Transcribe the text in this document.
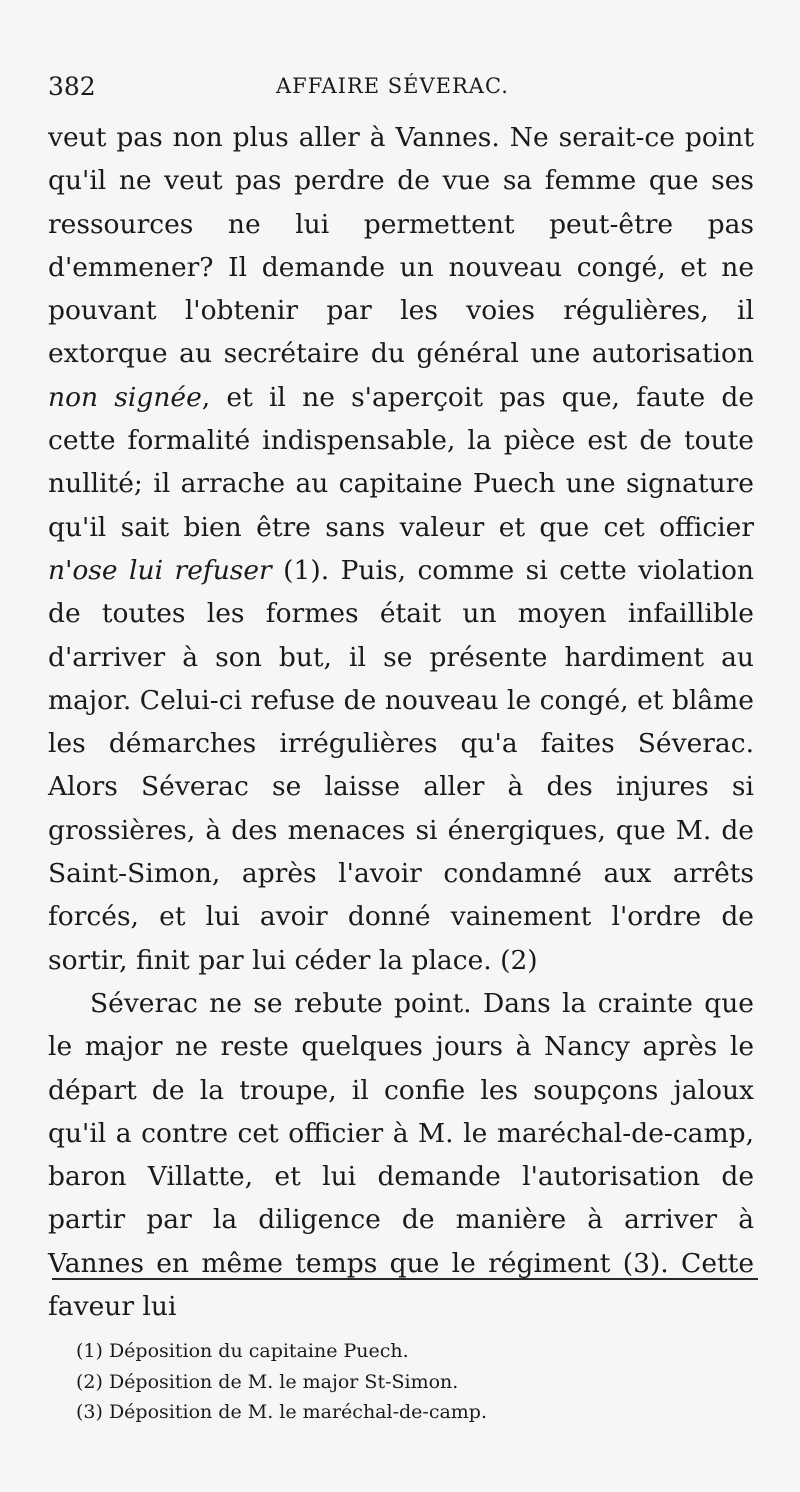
382	AFFAIRE SÉVERAC.

veut pas non plus aller à Vannes. Ne serait-ce point qu'il ne veut pas perdre de vue sa femme que ses ressources ne lui permettent peut-être pas d'emmener? Il demande un nouveau congé, et ne pouvant l'obtenir par les voies régulières, il extorque au secrétaire du général une autorisation non signée, et il ne s'aperçoit pas que, faute de cette formalité indispensable, la pièce est de toute nullité; il arrache au capitaine Puech une signature qu'il sait bien être sans valeur et que cet officier n'ose lui refuser (1). Puis, comme si cette violation de toutes les formes était un moyen infaillible d'arriver à son but, il se présente hardiment au major. Celui-ci refuse de nouveau le congé, et blâme les démarches irrégulières qu'a faites Séverac. Alors Séverac se laisse aller à des injures si grossières, à des menaces si énergiques, que M. de Saint-Simon, après l'avoir condamné aux arrêts forcés, et lui avoir donné vainement l'ordre de sortir, finit par lui céder la place. (2)

Séverac ne se rebute point. Dans la crainte que le major ne reste quelques jours à Nancy après le départ de la troupe, il confie les soupçons jaloux qu'il a contre cet officier à M. le maréchal-de-camp, baron Villatte, et lui demande l'autorisation de partir par la diligence de manière à arriver à Vannes en même temps que le régiment (3). Cette faveur lui

(1) Déposition du capitaine Puech.
(2) Déposition de M. le major St-Simon.
(3) Déposition de M. le maréchal-de-camp.
